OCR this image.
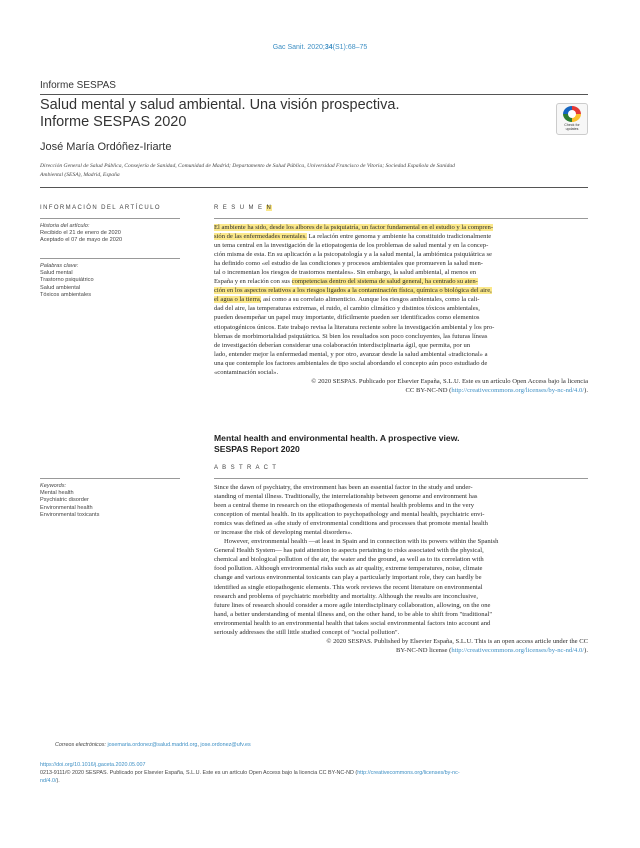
Gac Sanit. 2020;34(S1):68–75
Informe SESPAS
Salud mental y salud ambiental. Una visión prospectiva.
Informe SESPAS 2020	Check for
updates
José María Ordóñez-Iriarte
Dirección General de Salud Pública, Consejería de Sanidad, Comunidad de Madrid; Departamento de Salud Pública, Universidad Francisco de Vitoria; Sociedad Española de Sanidad
Ambiental (SESA), Madrid, España
INFORMACIÓN DEL ARTÍCULO
Historia del artículo:
Recibido el 21 de enero de 2020
Aceptado el 07 de mayo de 2020
Palabras clave:
Salud mental
Trastorno psiquiátrico
Salud ambiental
Tóxicos ambientales
Keywords:
Mental health
Psychiatric disorder
Environmental health
Environmental toxicants
R E S U M E N
El ambiente ha sido, desde los albores de la psiquiatría, un factor fundamental en el estudio y la compren-
sión de las enfermedades mentales. La relación entre genoma y ambiente ha constituido tradicionalmente
un tema central en la investigación de la etiopatogenia de los problemas de salud mental y en la concep-
ción misma de esta. En su aplicación a la psicopatología y a la salud mental, la ambiómica psiquiátrica se
ha definido como «el estudio de las condiciones y procesos ambientales que promueven la salud men-
tal o incrementan los riesgos de trastornos mentales». Sin embargo, la salud ambiental, al menos en
España y en relación con sus competencias dentro del sistema de salud general, ha centrado su aten-
ción en los aspectos relativos a los riesgos ligados a la contaminación física, química o biológica del aire,
el agua o la tierra, así como a su correlato alimenticio. Aunque los riesgos ambientales, como la cali-
dad del aire, las temperaturas extremas, el ruido, el cambio climático y distintos tóxicos ambientales,
pueden desempeñar un papel muy importante, difícilmente pueden ser identificados como elementos
etiopatogénicos únicos. Este trabajo revisa la literatura reciente sobre la investigación ambiental y los pro-
blemas de morbimortalidad psiquiátrica. Si bien los resultados son poco concluyentes, las futuras líneas
de investigación deberían considerar una colaboración interdisciplinaria ágil, que permita, por un
lado, entender mejor la enfermedad mental, y por otro, avanzar desde la salud ambiental «tradicional» a
una que contemple los factores ambientales de tipo social abordando el concepto aún poco estudiado de
«contaminación social».
© 2020 SESPAS. Publicado por Elsevier España, S.L.U. Este es un artículo Open Access bajo la licencia
CC BY-NC-ND (http://creativecommons.org/licenses/by-nc-nd/4.0/).
Mental health and environmental health. A prospective view.
SESPAS Report 2020
A B S T R A C T
Since the dawn of psychiatry, the environment has been an essential factor in the study and under-
standing of mental illness. Traditionally, the interrelationship between genome and environment has
been a central theme in research on the etiopathogenesis of mental health problems and in the very
conception of mental health. In its application to psychopathology and mental health, psychiatric envi-
romics was defined as «the study of environmental conditions and processes that promote mental health
or increase the risk of developing mental disorders».
However, environmental health —at least in Spain and in connection with its powers within the Spanish
General Health System— has paid attention to aspects pertaining to risks associated with the physical,
chemical and biological pollution of the air, the water and the ground, as well as to its correlation with
food pollution. Although environmental risks such as air quality, extreme temperatures, noise, climate
change and various environmental toxicants can play a particularly important role, they can hardly be
identified as single etiopathogenic elements. This work reviews the recent literature on environmental
research and problems of psychiatric morbidity and mortality. Although the results are inconclusive,
future lines of research should consider a more agile interdisciplinary collaboration, allowing, on the one
hand, a better understanding of mental illness and, on the other hand, to be able to shift from "traditional"
environmental health to an environmental health that takes social environmental factors into account and
seriously addresses the still little studied concept of "social pollution".
© 2020 SESPAS. Published by Elsevier España, S.L.U. This is an open access article under the CC
BY-NC-ND license (http://creativecommons.org/licenses/by-nc-nd/4.0/).
Correos electrónicos: josemaria.ordonez@salud.madrid.org, jose.ordonez@ufv.es
https://doi.org/10.1016/j.gaceta.2020.05.007
0213-9111/© 2020 SESPAS. Publicado por Elsevier España, S.L.U. Este es un artículo Open Access bajo la licencia CC BY-NC-ND (http://creativecommons.org/licenses/by-nc-
nd/4.0/).
